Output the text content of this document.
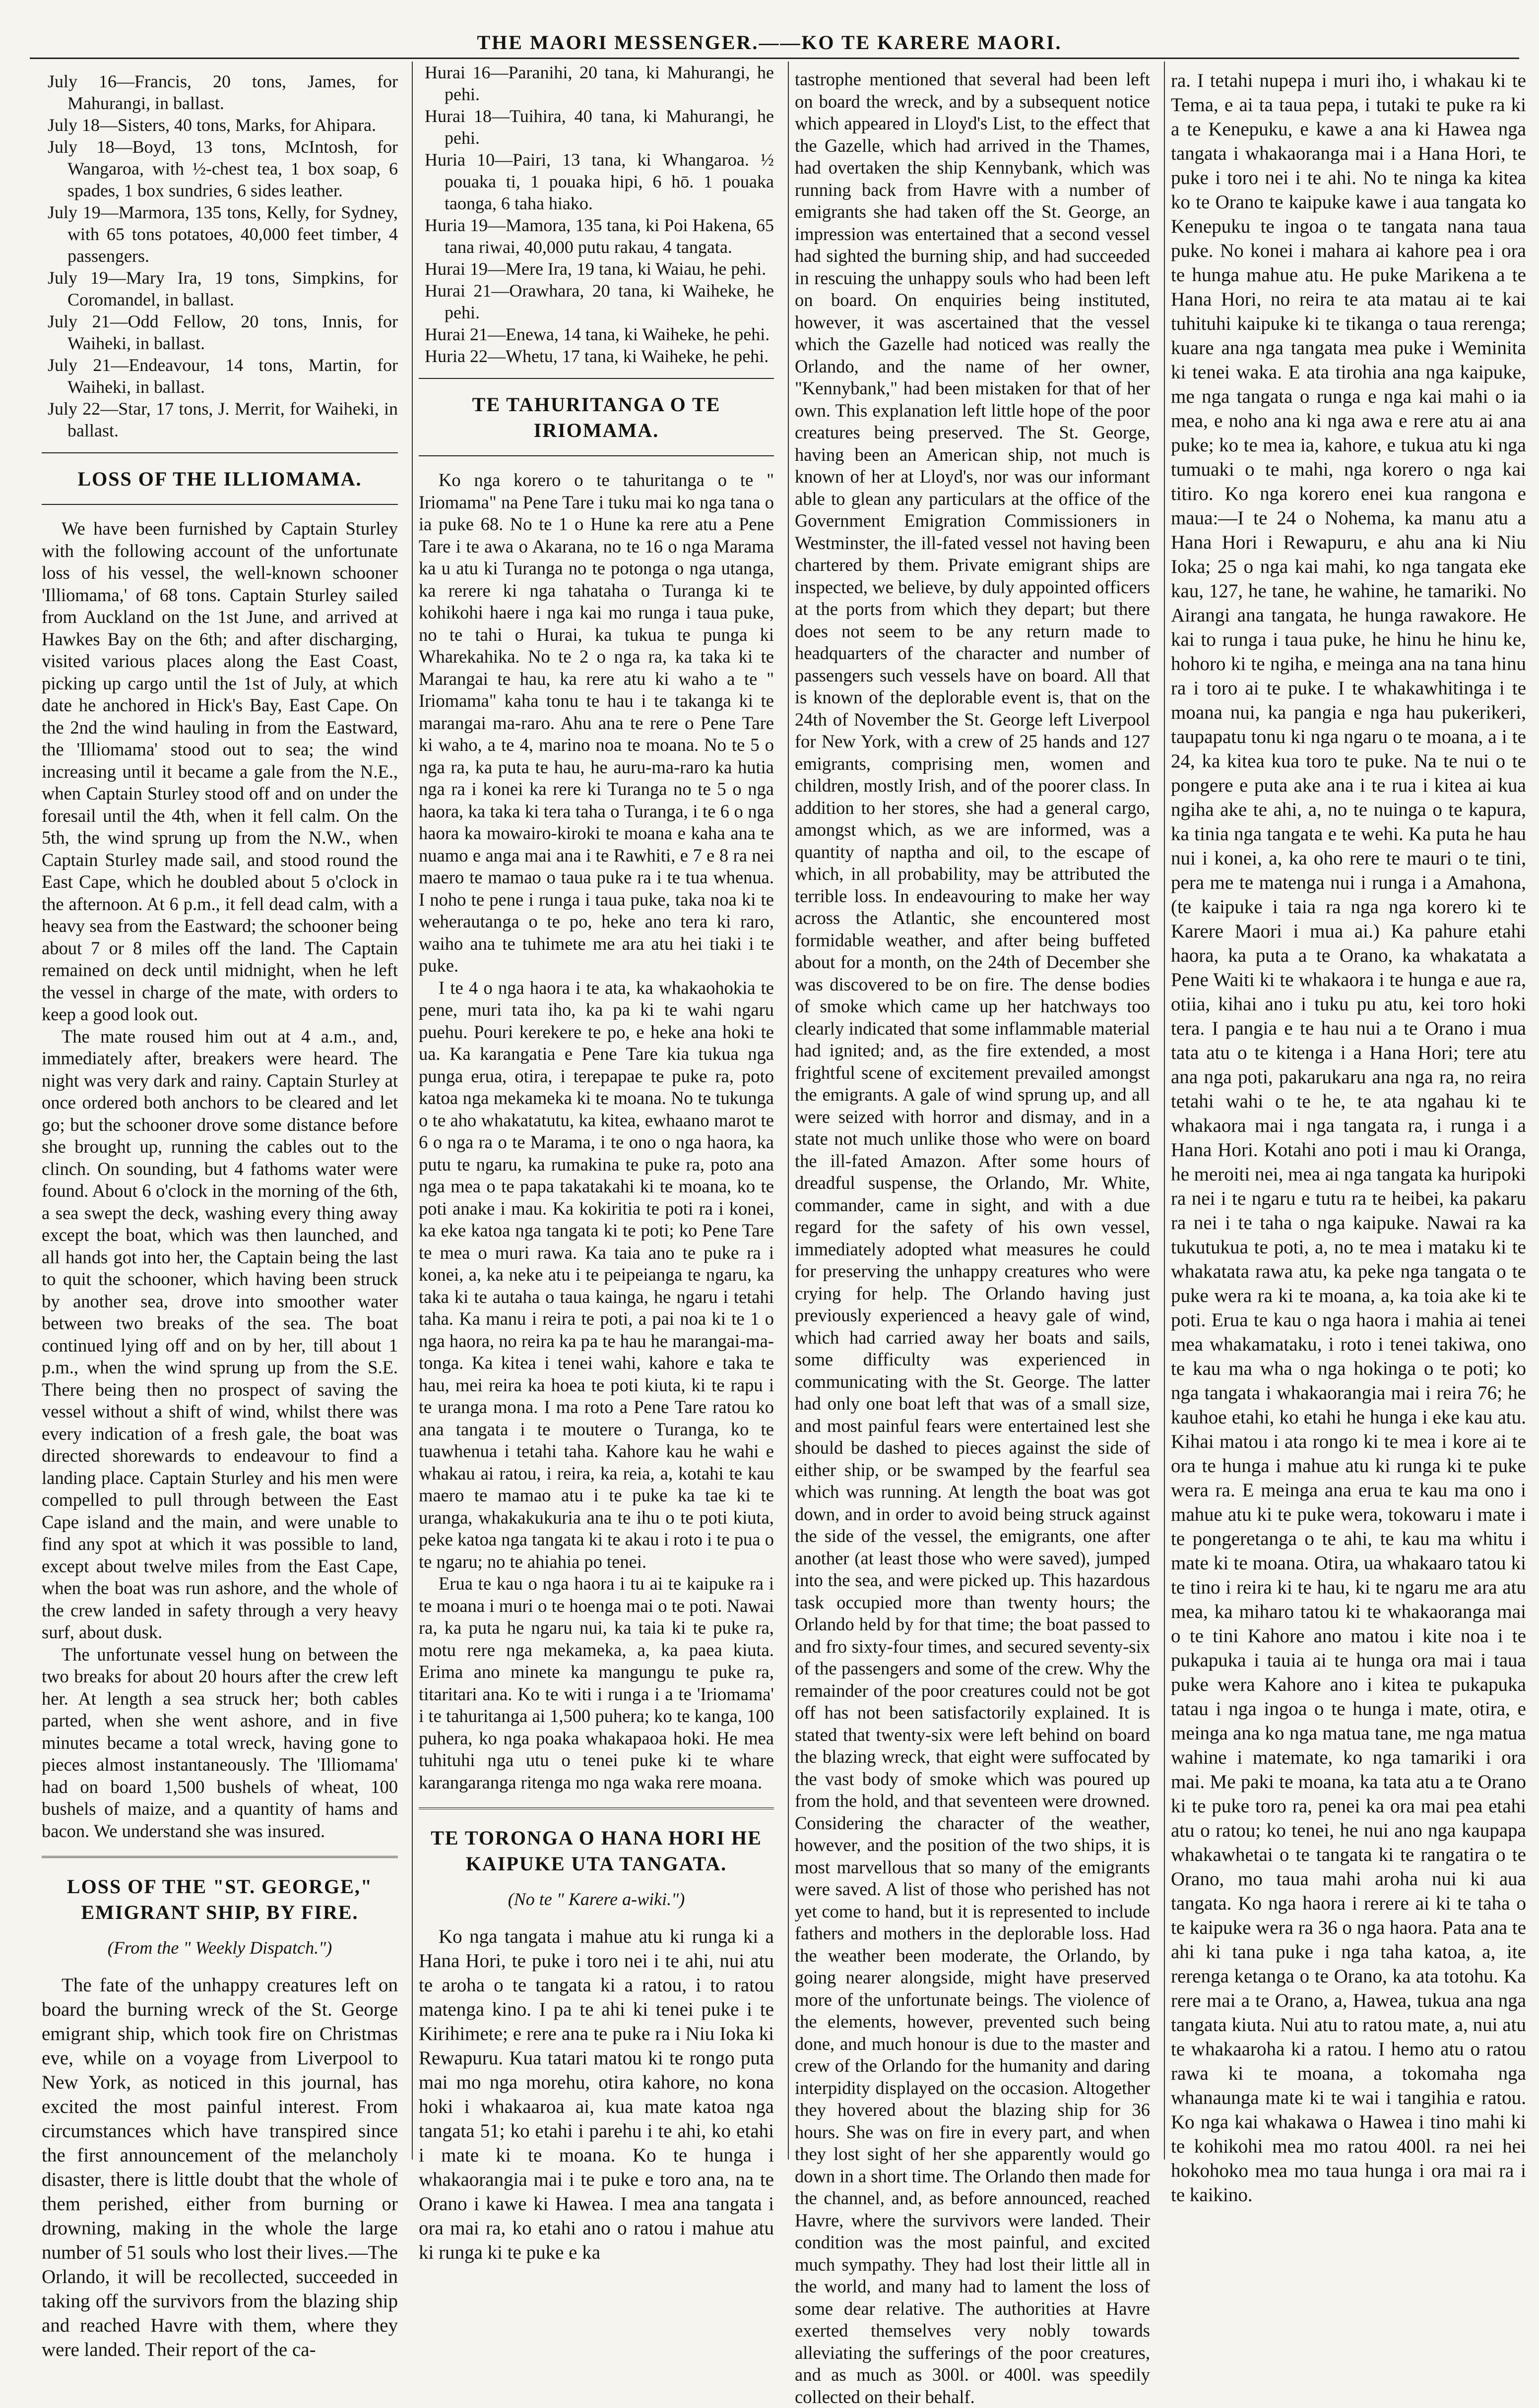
THE MAORI MESSENGER.——KO TE KARERE MAORI.

July 16—Francis, 20 tons, James, for Mahurangi, in ballast.

July 18—Sisters, 40 tons, Marks, for Ahipara.

July 18—Boyd, 13 tons, McIntosh, for Wangaroa, with ½-chest tea, 1 box soap, 6 spades, 1 box sundries, 6 sides leather.

July 19—Marmora, 135 tons, Kelly, for Sydney, with 65 tons potatoes, 40,000 feet timber, 4 passengers.

July 19—Mary Ira, 19 tons, Simpkins, for Coromandel, in ballast.

July 21—Odd Fellow, 20 tons, Innis, for Waiheki, in ballast.

July 21—Endeavour, 14 tons, Martin, for Waiheki, in ballast.

July 22—Star, 17 tons, J. Merrit, for Waiheki, in ballast.

LOSS OF THE ILLIOMAMA.

We have been furnished by Captain Sturley with the following account of the unfortunate loss of his vessel, the well-known schooner 'Illiomama,' of 68 tons. Captain Sturley sailed from Auckland on the 1st June, and arrived at Hawkes Bay on the 6th; and after discharging, visited various places along the East Coast, picking up cargo until the 1st of July, at which date he anchored in Hick's Bay, East Cape. On the 2nd the wind hauling in from the Eastward, the 'Illiomama' stood out to sea; the wind increasing until it became a gale from the N.E., when Captain Sturley stood off and on under the foresail until the 4th, when it fell calm. On the 5th, the wind sprung up from the N.W., when Captain Sturley made sail, and stood round the East Cape, which he doubled about 5 o'clock in the afternoon. At 6 p.m., it fell dead calm, with a heavy sea from the Eastward; the schooner being about 7 or 8 miles off the land. The Captain remained on deck until midnight, when he left the vessel in charge of the mate, with orders to keep a good look out.

The mate roused him out at 4 a.m., and, immediately after, breakers were heard. The night was very dark and rainy. Captain Sturley at once ordered both anchors to be cleared and let go; but the schooner drove some distance before she brought up, running the cables out to the clinch. On sounding, but 4 fathoms water were found. About 6 o'clock in the morning of the 6th, a sea swept the deck, washing every thing away except the boat, which was then launched, and all hands got into her, the Captain being the last to quit the schooner, which having been struck by another sea, drove into smoother water between two breaks of the sea. The boat continued lying off and on by her, till about 1 p.m., when the wind sprung up from the S.E. There being then no prospect of saving the vessel without a shift of wind, whilst there was every indication of a fresh gale, the boat was directed shorewards to endeavour to find a landing place. Captain Sturley and his men were compelled to pull through between the East Cape island and the main, and were unable to find any spot at which it was possible to land, except about twelve miles from the East Cape, when the boat was run ashore, and the whole of the crew landed in safety through a very heavy surf, about dusk.

The unfortunate vessel hung on between the two breaks for about 20 hours after the crew left her. At length a sea struck her; both cables parted, when she went ashore, and in five minutes became a total wreck, having gone to pieces almost instantaneously. The 'Illiomama' had on board 1,500 bushels of wheat, 100 bushels of maize, and a quantity of hams and bacon. We understand she was insured.

LOSS OF THE "ST. GEORGE," EMIGRANT SHIP, BY FIRE.
(From the " Weekly Dispatch.")

The fate of the unhappy creatures left on board the burning wreck of the St. George emigrant ship, which took fire on Christmas eve, while on a voyage from Liverpool to New York, as noticed in this journal, has excited the most painful interest. From circumstances which have transpired since the first announcement of the melancholy disaster, there is little doubt that the whole of them perished, either from burning or drowning, making in the whole the large number of 51 souls who lost their lives.—The Orlando, it will be recollected, succeeded in taking off the survivors from the blazing ship and reached Havre with them, where they were landed. Their report of the ca-

Hurai 16—Paranihi, 20 tana, ki Mahurangi, he pehi.

Hurai 18—Tuihira, 40 tana, ki Mahurangi, he pehi.

Huria 10—Pairi, 13 tana, ki Whangaroa. ½ pouaka ti, 1 pouaka hipi, 6 hō. 1 pouaka taonga, 6 taha hiako.

Huria 19—Mamora, 135 tana, ki Poi Hakena, 65 tana riwai, 40,000 putu rakau, 4 tangata.

Hurai 19—Mere Ira, 19 tana, ki Waiau, he pehi.

Hurai 21—Orawhara, 20 tana, ki Waiheke, he pehi.

Hurai 21—Enewa, 14 tana, ki Waiheke, he pehi.

Huria 22—Whetu, 17 tana, ki Waiheke, he pehi.

TE TAHURITANGA O TE IRIOMAMA.

Ko nga korero o te tahuritanga o te " Iriomama" na Pene Tare i tuku mai ko nga tana o ia puke 68. No te 1 o Hune ka rere atu a Pene Tare i te awa o Akarana, no te 16 o nga Marama ka u atu ki Turanga no te potonga o nga utanga, ka rerere ki nga tahataha o Turanga ki te kohikohi haere i nga kai mo runga i taua puke, no te tahi o Hurai, ka tukua te punga ki Wharekahika. No te 2 o nga ra, ka taka ki te Marangai te hau, ka rere atu ki waho a te " Iriomama" kaha tonu te hau i te takanga ki te marangai ma-raro. Ahu ana te rere o Pene Tare ki waho, a te 4, marino noa te moana. No te 5 o nga ra, ka puta te hau, he auru-ma-raro ka hutia nga ra i konei ka rere ki Turanga no te 5 o nga haora, ka taka ki tera taha o Turanga, i te 6 o nga haora ka mowairo-kiroki te moana e kaha ana te nuamo e anga mai ana i te Rawhiti, e 7 e 8 ra nei maero te mamao o taua puke ra i te tua whenua. I noho te pene i runga i taua puke, taka noa ki te weherautanga o te po, heke ano tera ki raro, waiho ana te tuhimete me ara atu hei tiaki i te puke.

I te 4 o nga haora i te ata, ka whakaohokia te pene, muri tata iho, ka pa ki te wahi ngaru puehu. Pouri kerekere te po, e heke ana hoki te ua. Ka karangatia e Pene Tare kia tukua nga punga erua, otira, i terepapae te puke ra, poto katoa nga mekameka ki te moana. No te tukunga o te aho whakatatutu, ka kitea, ewhaano marot te 6 o nga ra o te Marama, i te ono o nga haora, ka putu te ngaru, ka rumakina te puke ra, poto ana nga mea o te papa takatakahi ki te moana, ko te poti anake i mau. Ka kokiritia te poti ra i konei, ka eke katoa nga tangata ki te poti; ko Pene Tare te mea o muri rawa. Ka taia ano te puke ra i konei, a, ka neke atu i te peipeianga te ngaru, ka taka ki te autaha o taua kainga, he ngaru i tetahi taha. Ka manu i reira te poti, a pai noa ki te 1 o nga haora, no reira ka pa te hau he marangai-ma-tonga. Ka kitea i tenei wahi, kahore e taka te hau, mei reira ka hoea te poti kiuta, ki te rapu i te uranga mona. I ma roto a Pene Tare ratou ko ana tangata i te moutere o Turanga, ko te tuawhenua i tetahi taha. Kahore kau he wahi e whakau ai ratou, i reira, ka reia, a, kotahi te kau maero te mamao atu i te puke ka tae ki te uranga, whakakukuria ana te ihu o te poti kiuta, peke katoa nga tangata ki te akau i roto i te pua o te ngaru; no te ahiahia po tenei.

Erua te kau o nga haora i tu ai te kaipuke ra i te moana i muri o te hoenga mai o te poti. Nawai ra, ka puta he ngaru nui, ka taia ki te puke ra, motu rere nga mekameka, a, ka paea kiuta. Erima ano minete ka mangungu te puke ra, titaritari ana. Ko te witi i runga i a te 'Iriomama' i te tahuritanga ai 1,500 puhera; ko te kanga, 100 puhera, ko nga poaka whakapaoa hoki. He mea tuhituhi nga utu o tenei puke ki te whare karangaranga ritenga mo nga waka rere moana.

TE TORONGA O HANA HORI HE KAIPUKE UTA TANGATA.
(No te " Karere a-wiki.")

Ko nga tangata i mahue atu ki runga ki a Hana Hori, te puke i toro nei i te ahi, nui atu te aroha o te tangata ki a ratou, i to ratou matenga kino. I pa te ahi ki tenei puke i te Kirihimete; e rere ana te puke ra i Niu Ioka ki Rewapuru. Kua tatari matou ki te rongo puta mai mo nga morehu, otira kahore, no kona hoki i whakaaroa ai, kua mate katoa nga tangata 51; ko etahi i parehu i te ahi, ko etahi i mate ki te moana. Ko te hunga i whakaorangia mai i te puke e toro ana, na te Orano i kawe ki Hawea. I mea ana tangata i ora mai ra, ko etahi ano o ratou i mahue atu ki runga ki te puke e ka

tastrophe mentioned that several had been left on board the wreck, and by a subsequent notice which appeared in Lloyd's List, to the effect that the Gazelle, which had arrived in the Thames, had overtaken the ship Kennybank, which was running back from Havre with a number of emigrants she had taken off the St. George, an impression was entertained that a second vessel had sighted the burning ship, and had succeeded in rescuing the unhappy souls who had been left on board. On enquiries being instituted, however, it was ascertained that the vessel which the Gazelle had noticed was really the Orlando, and the name of her owner, "Kennybank," had been mistaken for that of her own. This explanation left little hope of the poor creatures being preserved. The St. George, having been an American ship, not much is known of her at Lloyd's, nor was our informant able to glean any particulars at the office of the Government Emigration Commissioners in Westminster, the ill-fated vessel not having been chartered by them. Private emigrant ships are inspected, we believe, by duly appointed officers at the ports from which they depart; but there does not seem to be any return made to headquarters of the character and number of passengers such vessels have on board. All that is known of the deplorable event is, that on the 24th of November the St. George left Liverpool for New York, with a crew of 25 hands and 127 emigrants, comprising men, women and children, mostly Irish, and of the poorer class. In addition to her stores, she had a general cargo, amongst which, as we are informed, was a quantity of naptha and oil, to the escape of which, in all probability, may be attributed the terrible loss. In endeavouring to make her way across the Atlantic, she encountered most formidable weather, and after being buffeted about for a month, on the 24th of December she was discovered to be on fire. The dense bodies of smoke which came up her hatchways too clearly indicated that some inflammable material had ignited; and, as the fire extended, a most frightful scene of excitement prevailed amongst the emigrants. A gale of wind sprung up, and all were seized with horror and dismay, and in a state not much unlike those who were on board the ill-fated Amazon. After some hours of dreadful suspense, the Orlando, Mr. White, commander, came in sight, and with a due regard for the safety of his own vessel, immediately adopted what measures he could for preserving the unhappy creatures who were crying for help. The Orlando having just previously experienced a heavy gale of wind, which had carried away her boats and sails, some difficulty was experienced in communicating with the St. George. The latter had only one boat left that was of a small size, and most painful fears were entertained lest she should be dashed to pieces against the side of either ship, or be swamped by the fearful sea which was running. At length the boat was got down, and in order to avoid being struck against the side of the vessel, the emigrants, one after another (at least those who were saved), jumped into the sea, and were picked up. This hazardous task occupied more than twenty hours; the Orlando held by for that time; the boat passed to and fro sixty-four times, and secured seventy-six of the passengers and some of the crew. Why the remainder of the poor creatures could not be got off has not been satisfactorily explained. It is stated that twenty-six were left behind on board the blazing wreck, that eight were suffocated by the vast body of smoke which was poured up from the hold, and that seventeen were drowned. Considering the character of the weather, however, and the position of the two ships, it is most marvellous that so many of the emigrants were saved. A list of those who perished has not yet come to hand, but it is represented to include fathers and mothers in the deplorable loss. Had the weather been moderate, the Orlando, by going nearer alongside, might have preserved more of the unfortunate beings. The violence of the elements, however, prevented such being done, and much honour is due to the master and crew of the Orlando for the humanity and daring interpidity displayed on the occasion. Altogether they hovered about the blazing ship for 36 hours. She was on fire in every part, and when they lost sight of her she apparently would go down in a short time. The Orlando then made for the channel, and, as before announced, reached Havre, where the survivors were landed. Their condition was the most painful, and excited much sympathy. They had lost their little all in the world, and many had to lament the loss of some dear relative. The authorities at Havre exerted themselves very nobly towards alleviating the sufferings of the poor creatures, and as much as 300l. or 400l. was speedily collected on their behalf.

ra. I tetahi nupepa i muri iho, i whakau ki te Tema, e ai ta taua pepa, i tutaki te puke ra ki a te Kenepuku, e kawe a ana ki Hawea nga tangata i whakaoranga mai i a Hana Hori, te puke i toro nei i te ahi. No te ninga ka kitea ko te Orano te kaipuke kawe i aua tangata ko Kenepuku te ingoa o te tangata nana taua puke. No konei i mahara ai kahore pea i ora te hunga mahue atu. He puke Marikena a te Hana Hori, no reira te ata matau ai te kai tuhituhi kaipuke ki te tikanga o taua rerenga; kuare ana nga tangata mea puke i Weminita ki tenei waka. E ata tirohia ana nga kaipuke, me nga tangata o runga e nga kai mahi o ia mea, e noho ana ki nga awa e rere atu ai ana puke; ko te mea ia, kahore, e tukua atu ki nga tumuaki o te mahi, nga korero o nga kai titiro. Ko nga korero enei kua rangona e maua:—I te 24 o Nohema, ka manu atu a Hana Hori i Rewapuru, e ahu ana ki Niu Ioka; 25 o nga kai mahi, ko nga tangata eke kau, 127, he tane, he wahine, he tamariki. No Airangi ana tangata, he hunga rawakore. He kai to runga i taua puke, he hinu he hinu ke, hohoro ki te ngiha, e meinga ana na tana hinu ra i toro ai te puke. I te whakawhitinga i te moana nui, ka pangia e nga hau pukerikeri, taupapatu tonu ki nga ngaru o te moana, a i te 24, ka kitea kua toro te puke. Na te nui o te pongere e puta ake ana i te rua i kitea ai kua ngiha ake te ahi, a, no te nuinga o te kapura, ka tinia nga tangata e te wehi. Ka puta he hau nui i konei, a, ka oho rere te mauri o te tini, pera me te matenga nui i runga i a Amahona, (te kaipuke i taia ra nga nga korero ki te Karere Maori i mua ai.) Ka pahure etahi haora, ka puta a te Orano, ka whakatata a Pene Waiti ki te whakaora i te hunga e aue ra, otiia, kihai ano i tuku pu atu, kei toro hoki tera. I pangia e te hau nui a te Orano i mua tata atu o te kitenga i a Hana Hori; tere atu ana nga poti, pakarukaru ana nga ra, no reira tetahi wahi o te he, te ata ngahau ki te whakaora mai i nga tangata ra, i runga i a Hana Hori. Kotahi ano poti i mau ki Oranga, he meroiti nei, mea ai nga tangata ka huripoki ra nei i te ngaru e tutu ra te heibei, ka pakaru ra nei i te taha o nga kaipuke. Nawai ra ka tukutukua te poti, a, no te mea i mataku ki te whakatata rawa atu, ka peke nga tangata o te puke wera ra ki te moana, a, ka toia ake ki te poti. Erua te kau o nga haora i mahia ai tenei mea whakamataku, i roto i tenei takiwa, ono te kau ma wha o nga hokinga o te poti; ko nga tangata i whakaorangia mai i reira 76; he kauhoe etahi, ko etahi he hunga i eke kau atu. Kihai matou i ata rongo ki te mea i kore ai te ora te hunga i mahue atu ki runga ki te puke wera ra. E meinga ana erua te kau ma ono i mahue atu ki te puke wera, tokowaru i mate i te pongeretanga o te ahi, te kau ma whitu i mate ki te moana. Otira, ua whakaaro tatou ki te tino i reira ki te hau, ki te ngaru me ara atu mea, ka miharo tatou ki te whakaoranga mai o te tini Kahore ano matou i kite noa i te pukapuka i tauia ai te hunga ora mai i taua puke wera Kahore ano i kitea te pukapuka tatau i nga ingoa o te hunga i mate, otira, e meinga ana ko nga matua tane, me nga matua wahine i matemate, ko nga tamariki i ora mai. Me paki te moana, ka tata atu a te Orano ki te puke toro ra, penei ka ora mai pea etahi atu o ratou; ko tenei, he nui ano nga kaupapa whakawhetai o te tangata ki te rangatira o te Orano, mo taua mahi aroha nui ki aua tangata. Ko nga haora i rerere ai ki te taha o te kaipuke wera ra 36 o nga haora. Pata ana te ahi ki tana puke i nga taha katoa, a, ite rerenga ketanga o te Orano, ka ata totohu. Ka rere mai a te Orano, a, Hawea, tukua ana nga tangata kiuta. Nui atu to ratou mate, a, nui atu te whakaaroha ki a ratou. I hemo atu o ratou rawa ki te moana, a tokomaha nga whanaunga mate ki te wai i tangihia e ratou. Ko nga kai whakawa o Hawea i tino mahi ki te kohikohi mea mo ratou 400l. ra nei hei hokohoko mea mo taua hunga i ora mai ra i te kaikino.
